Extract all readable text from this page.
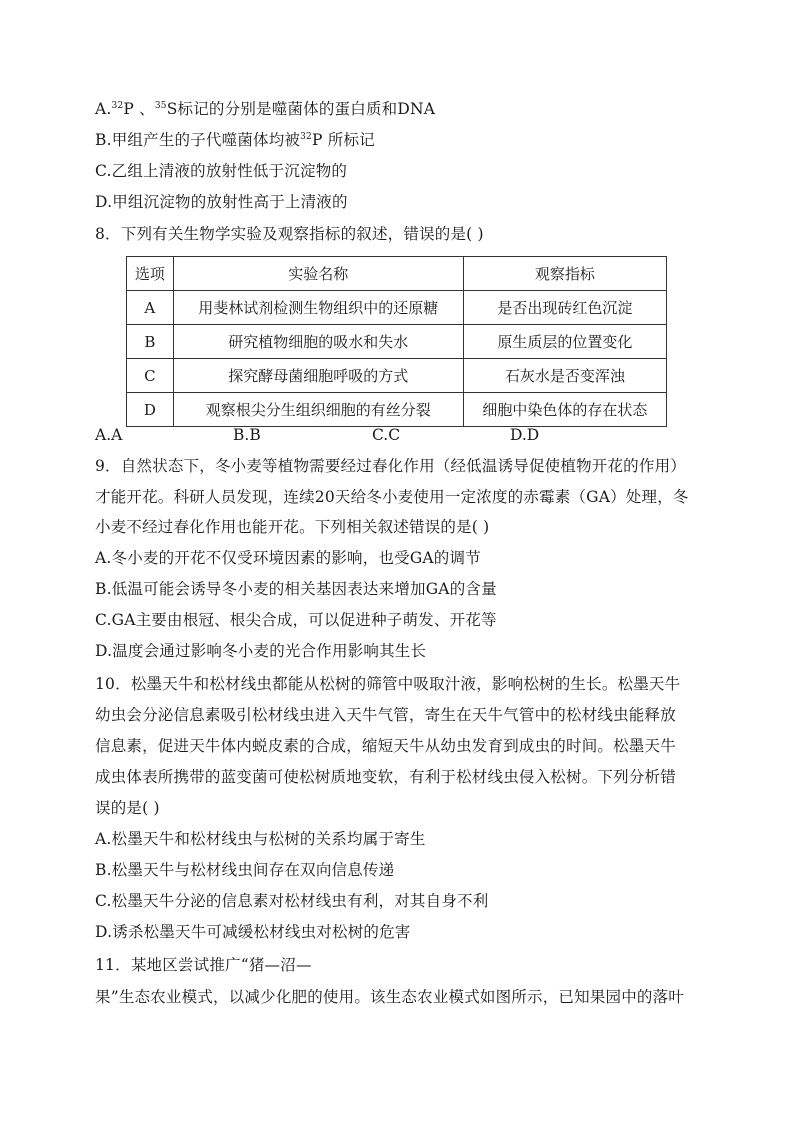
A.$^{32}$P 、$^{35}$S标记的分别是噬菌体的蛋白质和DNA
B.甲组产生的子代噬菌体均被$^{32}$P 所标记
C.乙组上清液的放射性低于沉淀物的
D.甲组沉淀物的放射性高于上清液的
8．下列有关生物学实验及观察指标的叙述，错误的是( )
选项	实验名称	观察指标
A	用斐林试剂检测生物组织中的还原糖	是否出现砖红色沉淀
B	研究植物细胞的吸水和失水	原生质层的位置变化
C	探究酵母菌细胞呼吸的方式	石灰水是否变浑浊
D	观察根尖分生组织细胞的有丝分裂	细胞中染色体的存在状态
A.A	B.B	C.C	D.D
9．自然状态下，冬小麦等植物需要经过春化作用（经低温诱导促使植物开花的作用）
才能开花。科研人员发现，连续20天给冬小麦使用一定浓度的赤霉素（GA）处理，冬
小麦不经过春化作用也能开花。下列相关叙述错误的是( )
A.冬小麦的开花不仅受环境因素的影响，也受GA的调节
B.低温可能会诱导冬小麦的相关基因表达来增加GA的含量
C.GA主要由根冠、根尖合成，可以促进种子萌发、开花等
D.温度会通过影响冬小麦的光合作用影响其生长
10．松墨天牛和松材线虫都能从松树的筛管中吸取汁液，影响松树的生长。松墨天牛
幼虫会分泌信息素吸引松材线虫进入天牛气管，寄生在天牛气管中的松材线虫能释放
信息素，促进天牛体内蜕皮素的合成，缩短天牛从幼虫发育到成虫的时间。松墨天牛
成虫体表所携带的蓝变菌可使松树质地变软，有利于松材线虫侵入松树。下列分析错
误的是( )
A.松墨天牛和松材线虫与松树的关系均属于寄生
B.松墨天牛与松材线虫间存在双向信息传递
C.松墨天牛分泌的信息素对松材线虫有利，对其自身不利
D.诱杀松墨天牛可减缓松材线虫对松树的危害
11．某地区尝试推广“猪—沼—
果”生态农业模式，以减少化肥的使用。该生态农业模式如图所示，已知果园中的落叶
